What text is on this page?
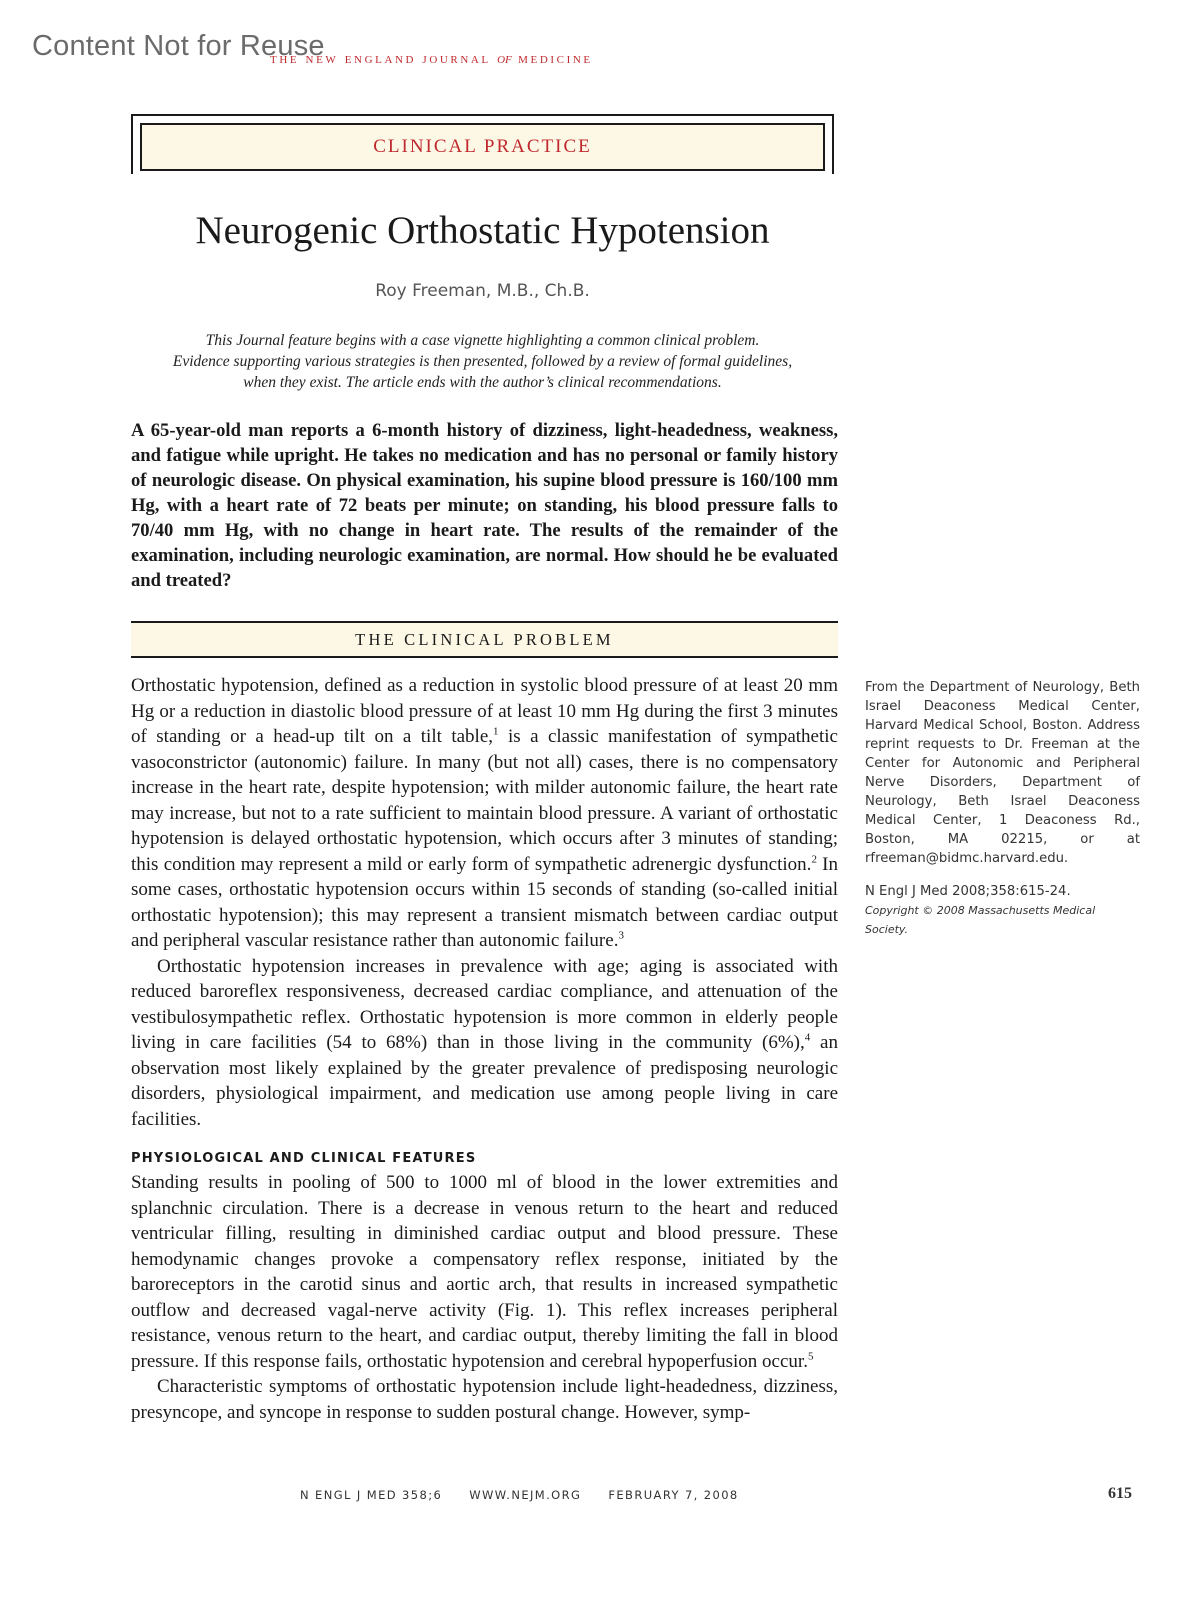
Content Not for Reuse
the new england journal of medicine
CLINICAL PRACTICE
Neurogenic Orthostatic Hypotension
Roy Freeman, M.B., Ch.B.

This Journal feature begins with a case vignette highlighting a common clinical problem.
Evidence supporting various strategies is then presented, followed by a review of formal guidelines,
when they exist. The article ends with the author’s clinical recommendations.

A 65-year-old man reports a 6-month history of dizziness, light-headedness, weakness, and fatigue while upright. He takes no medication and has no personal or family history of neurologic disease. On physical examination, his supine blood pressure is 160/100 mm Hg, with a heart rate of 72 beats per minute; on standing, his blood pressure falls to 70/40 mm Hg, with no change in heart rate. The results of the remainder of the examination, including neurologic examination, are normal. How should he be evaluated and treated?

THE CLINICAL PROBLEM

Orthostatic hypotension, defined as a reduction in systolic blood pressure of at least 20 mm Hg or a reduction in diastolic blood pressure of at least 10 mm Hg during the first 3 minutes of standing or a head-up tilt on a tilt table,$^1$ is a classic manifestation of sympathetic vasoconstrictor (autonomic) failure. In many (but not all) cases, there is no compensatory increase in the heart rate, despite hypotension; with milder autonomic failure, the heart rate may increase, but not to a rate sufficient to maintain blood pressure. A variant of orthostatic hypotension is delayed orthostatic hypotension, which occurs after 3 minutes of standing; this condition may represent a mild or early form of sympathetic adrenergic dysfunction.$^2$ In some cases, orthostatic hypotension occurs within 15 seconds of standing (so-called initial orthostatic hypotension); this may represent a transient mismatch between cardiac output and peripheral vascular resistance rather than autonomic failure.$^3$

Orthostatic hypotension increases in prevalence with age; aging is associated with reduced baroreflex responsiveness, decreased cardiac compliance, and attenuation of the vestibulosympathetic reflex. Orthostatic hypotension is more common in elderly people living in care facilities (54 to 68%) than in those living in the community (6%),$^4$ an observation most likely explained by the greater prevalence of predisposing neurologic disorders, physiological impairment, and medication use among people living in care facilities.

PHYSIOLOGICAL AND CLINICAL FEATURES

Standing results in pooling of 500 to 1000 ml of blood in the lower extremities and splanchnic circulation. There is a decrease in venous return to the heart and reduced ventricular filling, resulting in diminished cardiac output and blood pressure. These hemodynamic changes provoke a compensatory reflex response, initiated by the baroreceptors in the carotid sinus and aortic arch, that results in increased sympathetic outflow and decreased vagal-nerve activity (Fig. 1). This reflex increases peripheral resistance, venous return to the heart, and cardiac output, thereby limiting the fall in blood pressure. If this response fails, orthostatic hypotension and cerebral hypoperfusion occur.$^5$

Characteristic symptoms of orthostatic hypotension include light-headedness, dizziness, presyncope, and syncope in response to sudden postural change. However, symp-

From the Department of Neurology, Beth Israel Deaconess Medical Center, Harvard Medical School, Boston. Address reprint requests to Dr. Freeman at the Center for Autonomic and Peripheral Nerve Disorders, Department of Neurology, Beth Israel Deaconess Medical Center, 1 Deaconess Rd., Boston, MA 02215, or at rfreeman@bidmc.harvard.edu.

N Engl J Med 2008;358:615-24.

Copyright © 2008 Massachusetts Medical Society.

N ENGL J MED 358;6 WWW.NEJM.ORG FEBRUARY 7, 2008	615
